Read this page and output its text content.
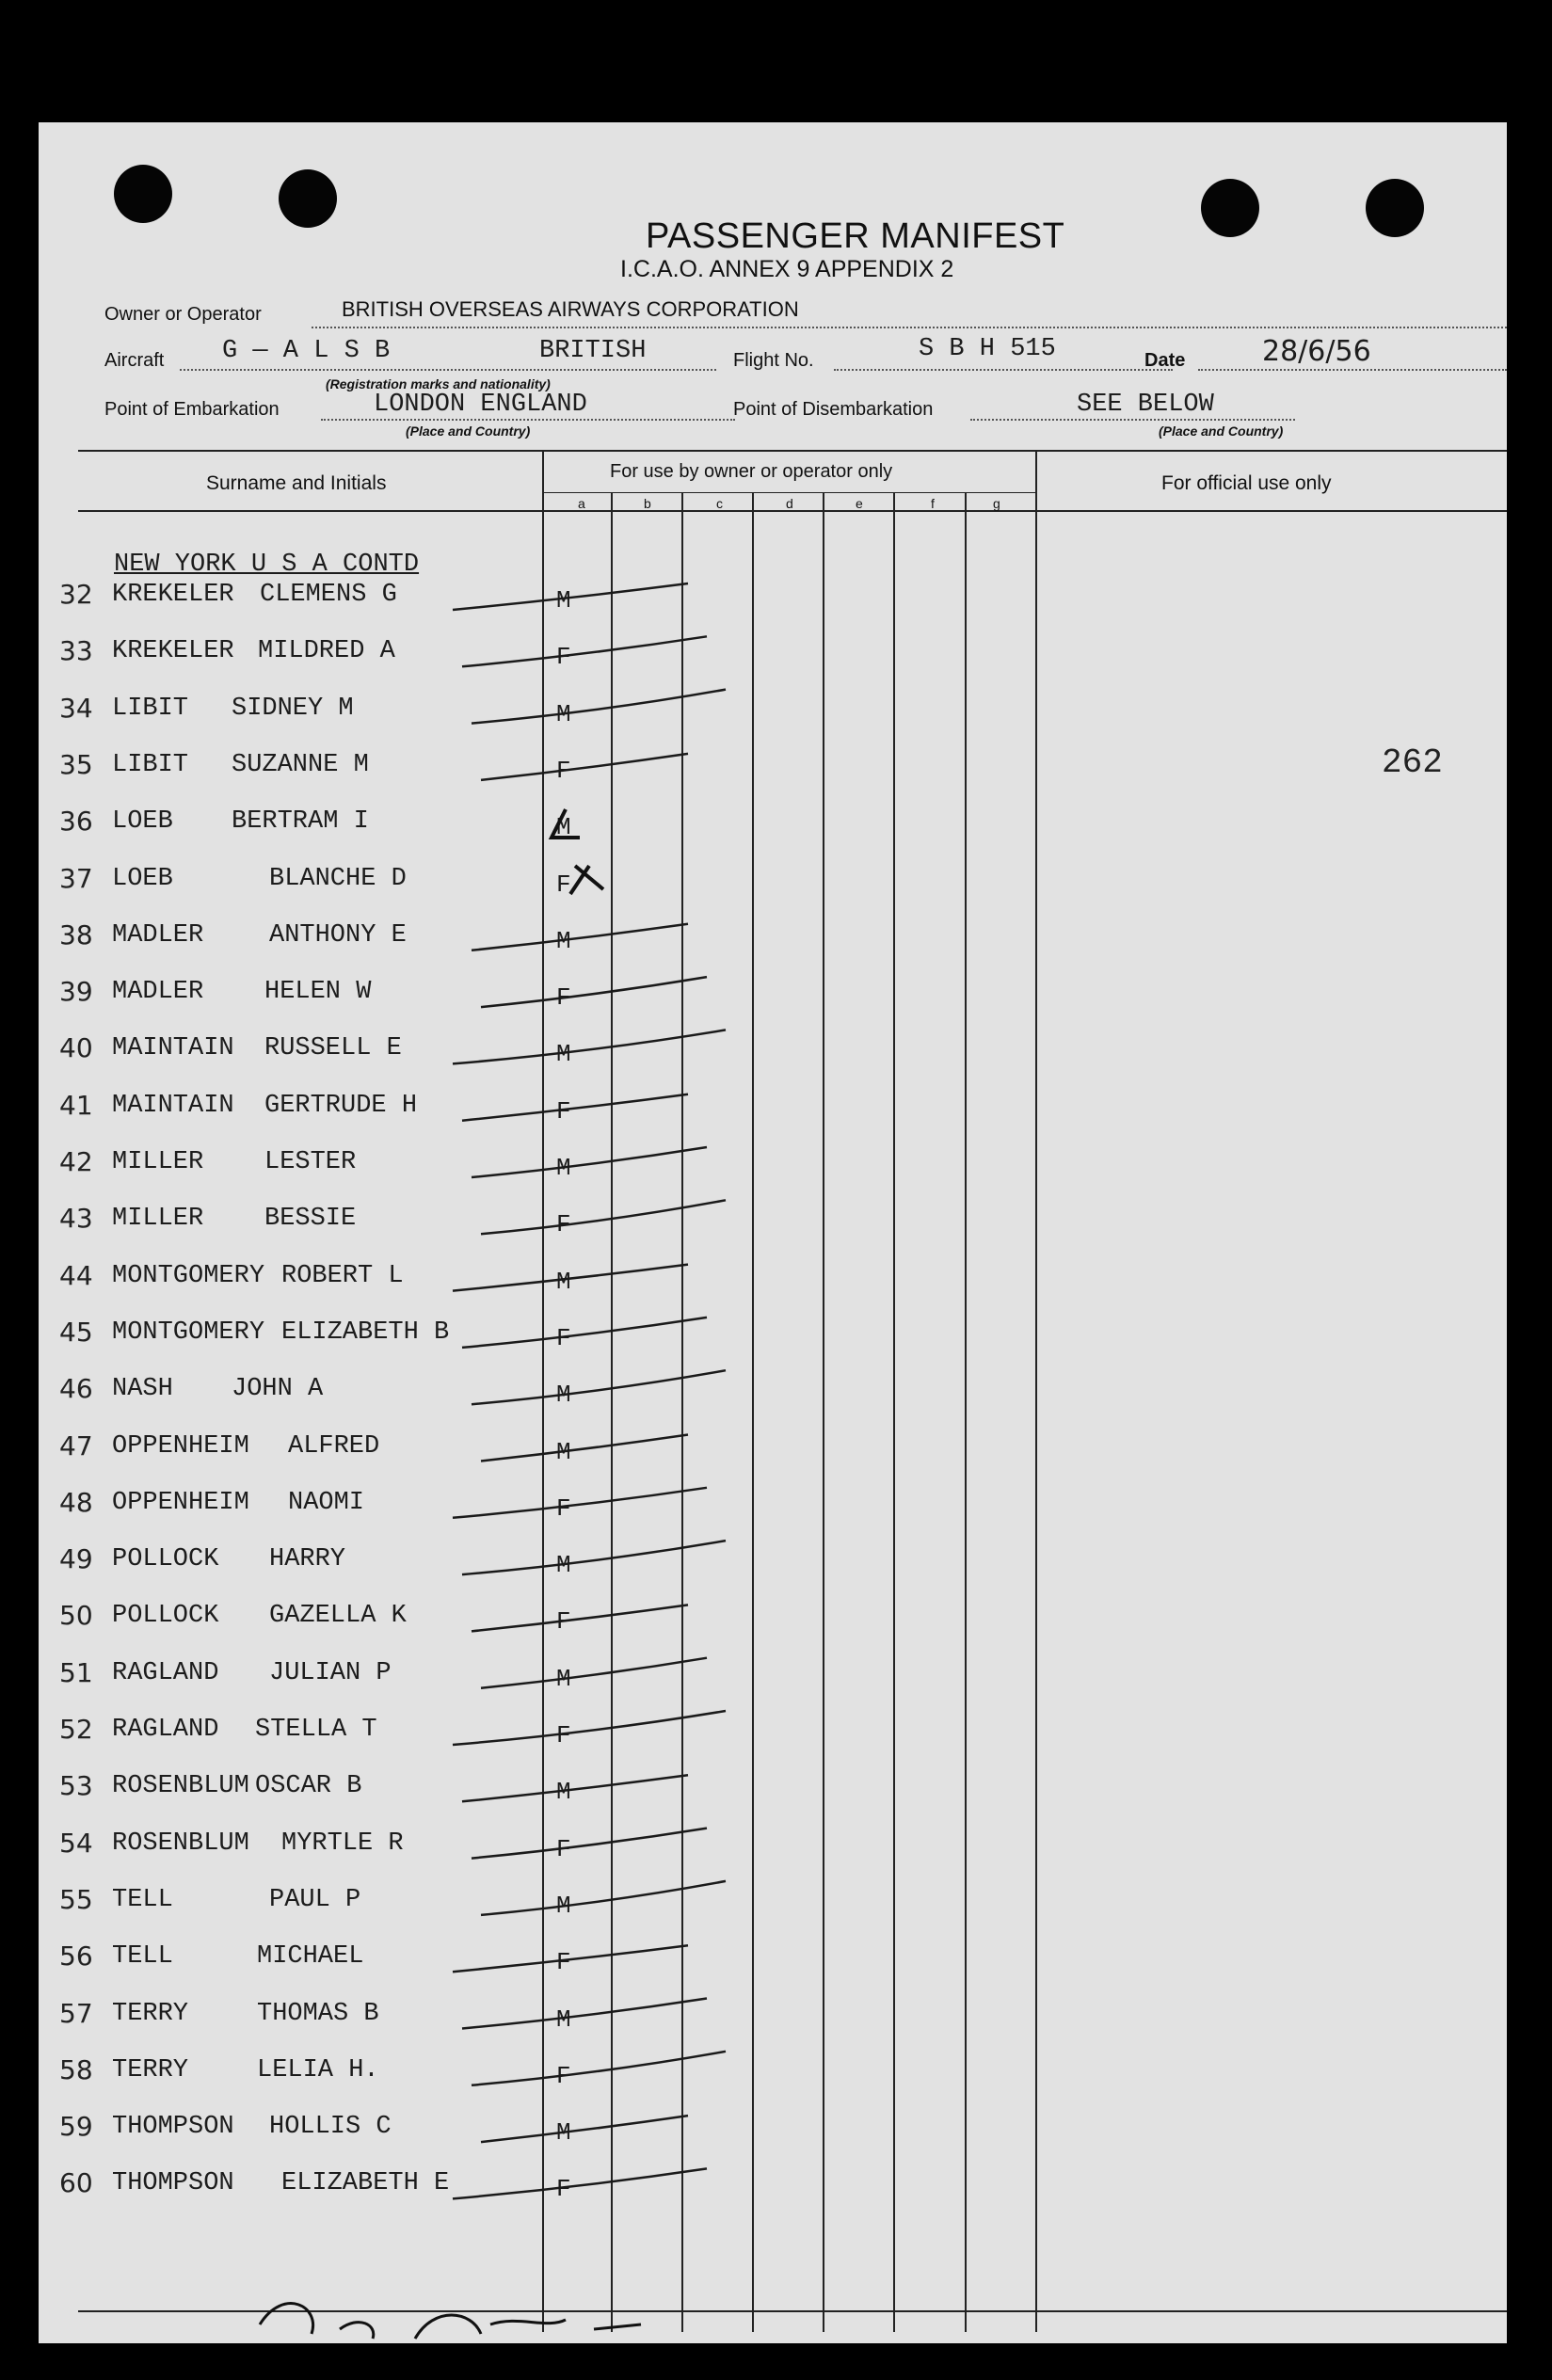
PASSENGER MANIFEST
I.C.A.O. ANNEX 9 APPENDIX 2
Owner or Operator	BRITISH OVERSEAS AIRWAYS CORPORATION
Aircraft G — A L S B	BRITISH	Flight No.	S B H 515	Date	28/6/56
(Registration marks and nationality)
Point of Embarkation	LONDON ENGLAND	Point of Disembarkation	SEE BELOW
(Place and Country)	(Place and Country)
Surname and Initials
For use by owner or operator only
For official use only
a	b	c	d	e	f	g
262
NEW YORK U S A CONTD
32 KREKELER CLEMENS G	M
33 KREKELER MILDRED A	F
34 LIBIT SIDNEY M	M
35 LIBIT SUZANNE M	F
36 LOEB BERTRAM I	M
37 LOEB	BLANCHE D	F
38 MADLER	ANTHONY E	M
39 MADLER HELEN W	F
40 MAINTAIN RUSSELL E	M
41 MAINTAIN GERTRUDE H	F
42 MILLER LESTER	M
43 MILLER BESSIE	F
44 MONTGOMERY ROBERT L	M
45 MONTGOMERY ELIZABETH B	F
46 NASH JOHN A	M
47 OPPENHEIM ALFRED	M
48 OPPENHEIM NAOMI	F
49 POLLOCK HARRY	M
50 POLLOCK GAZELLA K	F
51 RAGLAND JULIAN P	M
52 RAGLAND STELLA T	F
53 ROSENBLUM OSCAR B	M
54 ROSENBLUM MYRTLE R	F
55 TELL	PAUL P	M
56 TELL	MICHAEL	F
57 TERRY	THOMAS B	M
58 TERRY	LELIA H.	F
59 THOMPSON HOLLIS C	M
60 THOMPSON ELIZABETH E	F
